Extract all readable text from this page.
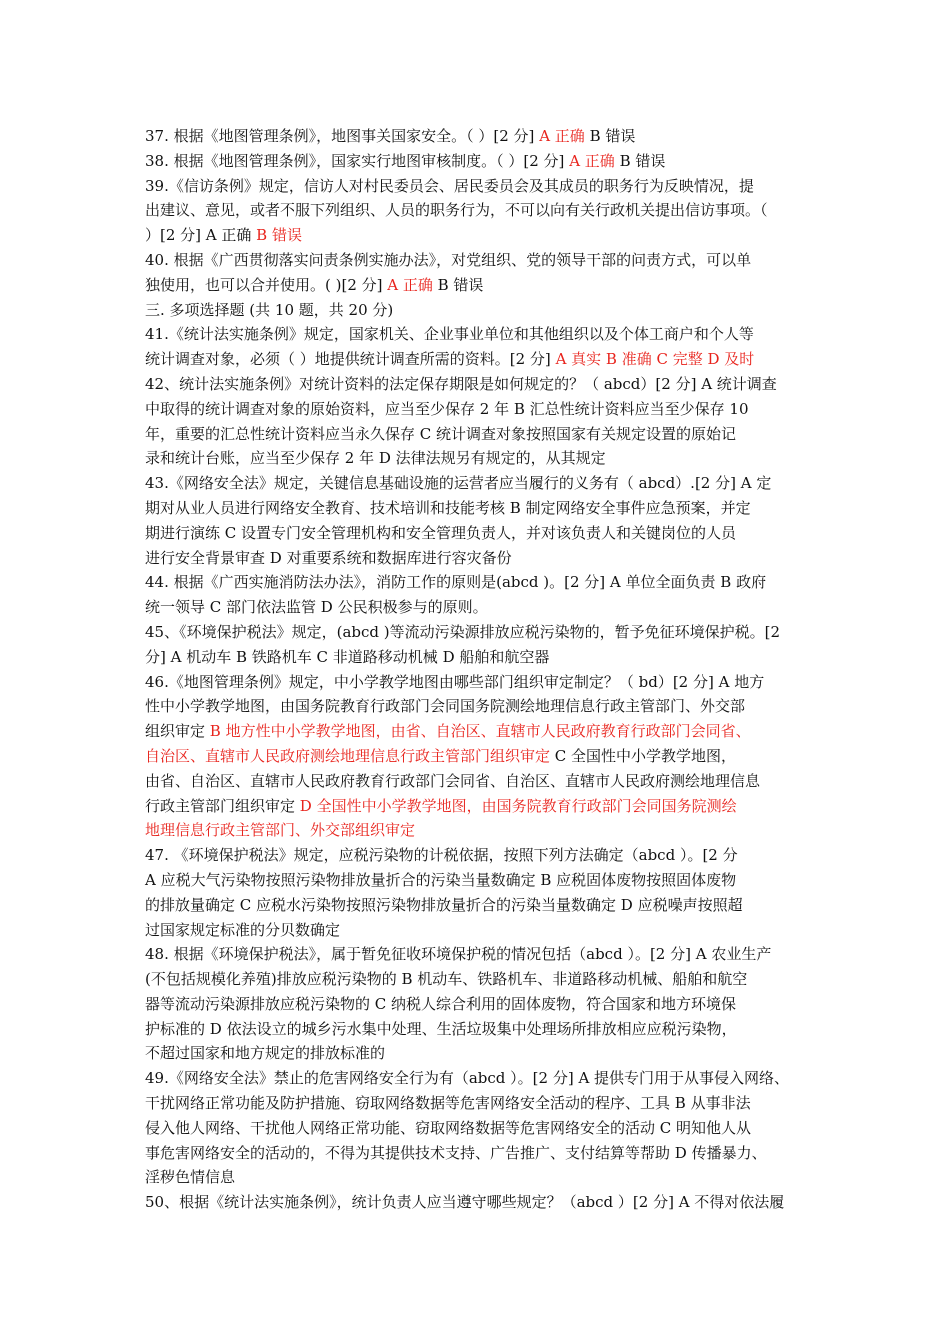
37. 根据《地图管理条例》，地图事关国家安全。（ ）[2 分] A 正确 B 错误
38. 根据《地图管理条例》，国家实行地图审核制度。（ ）[2 分] A 正确 B 错误
39.《信访条例》规定，信访人对村民委员会、居民委员会及其成员的职务行为反映情况，提
出建议、意见，或者不服下列组织、人员的职务行为，不可以向有关行政机关提出信访事项。（
）[2 分] A 正确 B 错误
40. 根据《广西贯彻落实问责条例实施办法》，对党组织、党的领导干部的问责方式，可以单
独使用，也可以合并使用。( )[2 分] A 正确 B 错误
三. 多项选择题 (共 10 题，共 20 分)
41.《统计法实施条例》规定，国家机关、企业事业单位和其他组织以及个体工商户和个人等
统计调查对象，必须（ ）地提供统计调查所需的资料。[2 分] A 真实 B 准确 C 完整 D 及时
42、统计法实施条例》对统计资料的法定保存期限是如何规定的？（ abcd）[2 分] A 统计调查
中取得的统计调查对象的原始资料，应当至少保存 2 年 B 汇总性统计资料应当至少保存 10
年，重要的汇总性统计资料应当永久保存 C 统计调查对象按照国家有关规定设置的原始记
录和统计台账，应当至少保存 2 年 D 法律法规另有规定的，从其规定
43.《网络安全法》规定，关键信息基础设施的运营者应当履行的义务有（ abcd）.[2 分] A 定
期对从业人员进行网络安全教育、技术培训和技能考核 B 制定网络安全事件应急预案，并定
期进行演练 C 设置专门安全管理机构和安全管理负责人，并对该负责人和关键岗位的人员
进行安全背景审查 D 对重要系统和数据库进行容灾备份
44. 根据《广西实施消防法办法》，消防工作的原则是(abcd )。[2 分] A 单位全面负责 B 政府
统一领导 C 部门依法监管 D 公民积极参与的原则。
45、《环境保护税法》规定，(abcd )等流动污染源排放应税污染物的，暂予免征环境保护税。[2
分] A 机动车 B 铁路机车 C 非道路移动机械 D 船舶和航空器
46.《地图管理条例》规定，中小学教学地图由哪些部门组织审定制定？（ bd）[2 分] A 地方
性中小学教学地图，由国务院教育行政部门会同国务院测绘地理信息行政主管部门、外交部
组织审定 B 地方性中小学教学地图，由省、自治区、直辖市人民政府教育行政部门会同省、
自治区、直辖市人民政府测绘地理信息行政主管部门组织审定 C 全国性中小学教学地图，
由省、自治区、直辖市人民政府教育行政部门会同省、自治区、直辖市人民政府测绘地理信息
行政主管部门组织审定 D 全国性中小学教学地图，由国务院教育行政部门会同国务院测绘
地理信息行政主管部门、外交部组织审定
47. 《环境保护税法》规定，应税污染物的计税依据，按照下列方法确定（abcd ）。[2 分
A 应税大气污染物按照污染物排放量折合的污染当量数确定 B 应税固体废物按照固体废物
的排放量确定 C 应税水污染物按照污染物排放量折合的污染当量数确定 D 应税噪声按照超
过国家规定标准的分贝数确定
48. 根据《环境保护税法》，属于暂免征收环境保护税的情况包括（abcd ）。[2 分] A 农业生产
(不包括规模化养殖)排放应税污染物的 B 机动车、铁路机车、非道路移动机械、船舶和航空
器等流动污染源排放应税污染物的 C 纳税人综合利用的固体废物，符合国家和地方环境保
护标准的 D 依法设立的城乡污水集中处理、生活垃圾集中处理场所排放相应应税污染物，
不超过国家和地方规定的排放标准的
49.《网络安全法》禁止的危害网络安全行为有（abcd ）。[2 分] A 提供专门用于从事侵入网络、
干扰网络正常功能及防护措施、窃取网络数据等危害网络安全活动的程序、工具 B 从事非法
侵入他人网络、干扰他人网络正常功能、窃取网络数据等危害网络安全的活动 C 明知他人从
事危害网络安全的活动的，不得为其提供技术支持、广告推广、支付结算等帮助 D 传播暴力、
淫秽色情信息
50、根据《统计法实施条例》，统计负责人应当遵守哪些规定？（abcd ）[2 分] A 不得对依法履
